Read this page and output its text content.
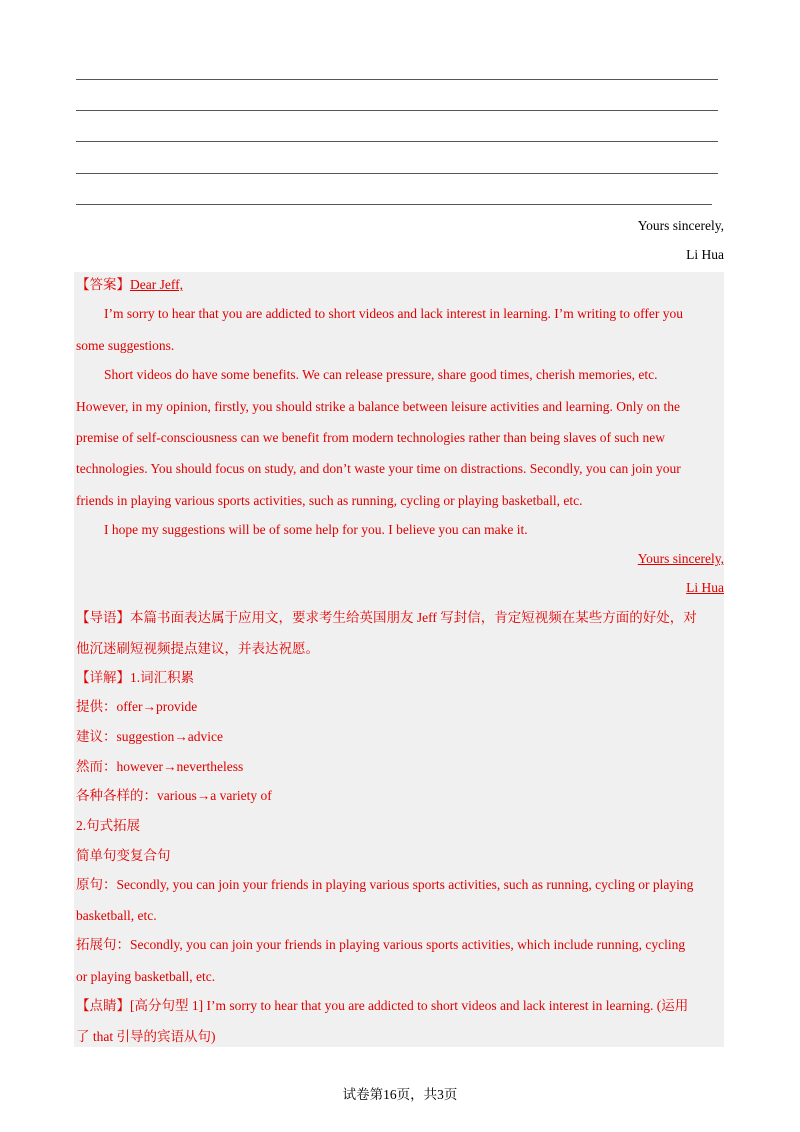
Yours sincerely,
Li Hua
【答案】Dear Jeff,
I’m sorry to hear that you are addicted to short videos and lack interest in learning. I’m writing to offer you
some suggestions.
Short videos do have some benefits. We can release pressure, share good times, cherish memories, etc.
However, in my opinion, firstly, you should strike a balance between leisure activities and learning. Only on the
premise of self-consciousness can we benefit from modern technologies rather than being slaves of such new
technologies. You should focus on study, and don’t waste your time on distractions. Secondly, you can join your
friends in playing various sports activities, such as running, cycling or playing basketball, etc.
I hope my suggestions will be of some help for you. I believe you can make it.
Yours sincerely,
Li Hua
【导语】本篇书面表达属于应用文，要求考生给英国朋友 Jeff 写封信，肯定短视频在某些方面的好处，对
他沉迷刷短视频提点建议，并表达祝愿。
【详解】1.词汇积累
提供：offer→provide
建议：suggestion→advice
然而：however→nevertheless
各种各样的：various→a variety of
2.句式拓展
简单句变复合句
原句：Secondly, you can join your friends in playing various sports activities, such as running, cycling or playing
basketball, etc.
拓展句：Secondly, you can join your friends in playing various sports activities, which include running, cycling
or playing basketball, etc.
【点睛】[高分句型 1] I’m sorry to hear that you are addicted to short videos and lack interest in learning. (运用
了 that 引导的宾语从句)
试卷第16页，共3页
